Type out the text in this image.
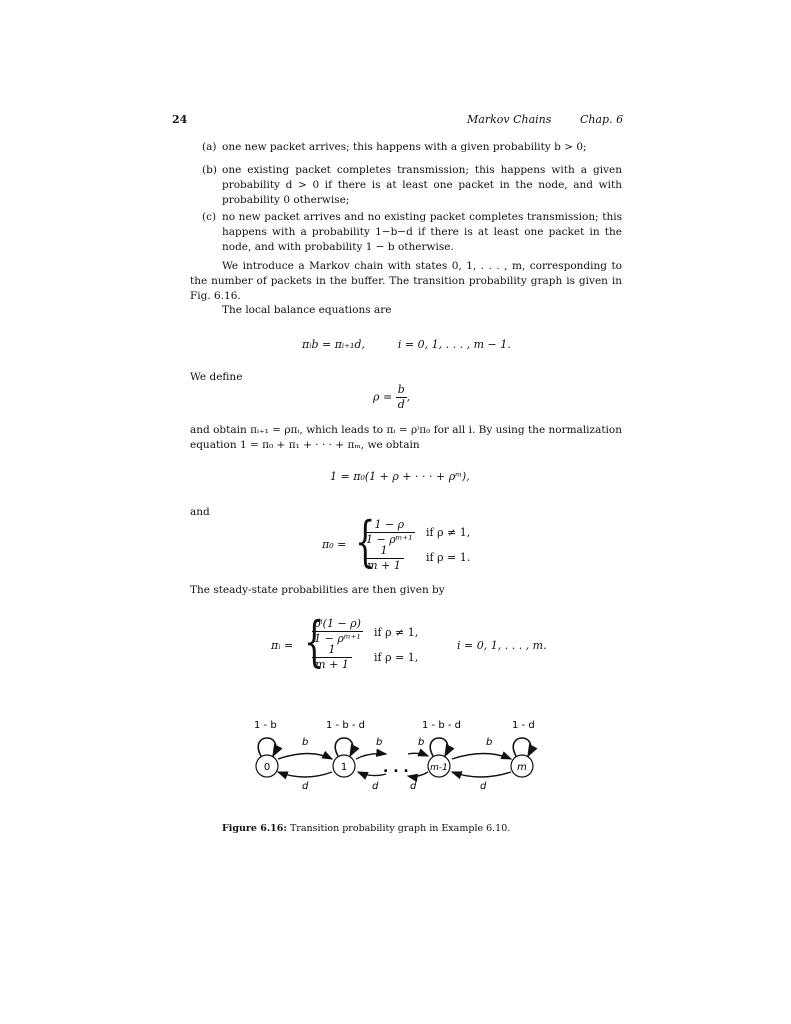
24	Markov Chains	Chap. 6
(a) one new packet arrives; this happens with a given probability b > 0;
(b) one existing packet completes transmission; this happens with a given probability d > 0 if there is at least one packet in the node, and with probability 0 otherwise;
(c) no new packet arrives and no existing packet completes transmission; this happens with a probability 1−b−d if there is at least one packet in the node, and with probability 1 − b otherwise.
We introduce a Markov chain with states 0, 1, . . . , m, corresponding to the number of packets in the buffer. The transition probability graph is given in Fig. 6.16.
The local balance equations are
πᵢb = πᵢ₊₁d,	i = 0, 1, . . . , m − 1.
We define
$\rho = \frac{b}{d}$ ,
and obtain πᵢ₊₁ = ρπᵢ, which leads to πᵢ = ρⁱπ₀ for all i. By using the normalization equation 1 = π₀ + π₁ + · · · + πₘ, we obtain
1 = π₀(1 + ρ + · · · + ρᵐ),
and
π₀ = {
$\frac{1 - \rho}{\text{1 − ρᵐ⁺¹}}$ if ρ ≠ 1,
$\frac{1}{m + 1}$ if ρ = 1.
The steady-state probabilities are then given by
πᵢ = {
$\frac{\text{ρⁱ(1 − ρ)}}{\text{1 − ρᵐ⁺¹}}$ if ρ ≠ 1,
$\frac{1}{m + 1}$ if ρ = 1,
i = 0, 1, . . . , m.
1 - b	1 - b - d	1 - b - d	1 - d
b	b	b	b
d	d	d	d
. . .
0	1	m-1	m
Figure 6.16: Transition probability graph in Example 6.10.
